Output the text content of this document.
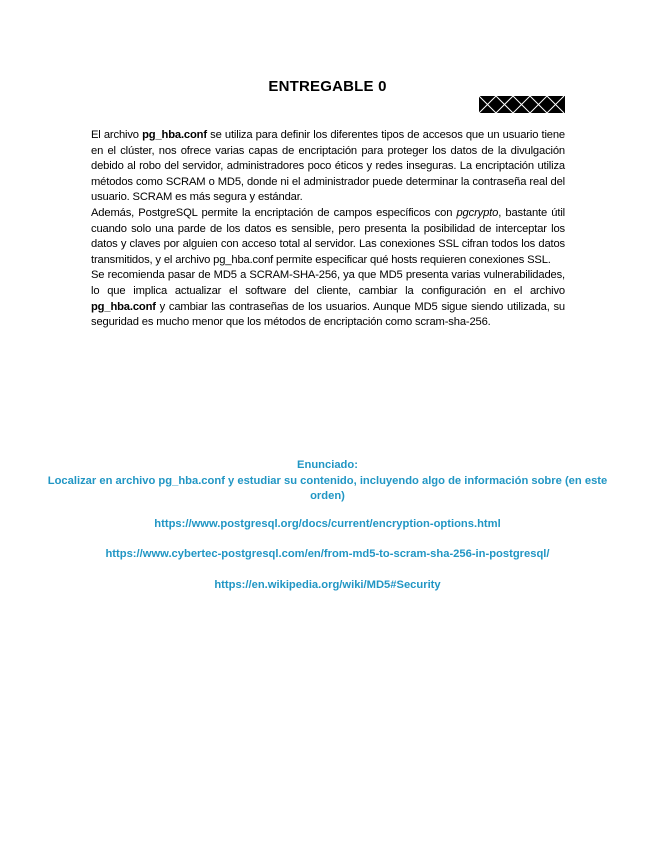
ENTREGABLE 0

El archivo pg_hba.conf se utiliza para definir los diferentes tipos de accesos que un usuario tiene en el clúster, nos ofrece varias capas de encriptación para proteger los datos de la divulgación debido al robo del servidor, administradores poco éticos y redes inseguras. La encriptación utiliza métodos como SCRAM o MD5, donde ni el administrador puede determinar la contraseña real del usuario. SCRAM es más segura y estándar.

Además, PostgreSQL permite la encriptación de campos específicos con pgcrypto, bastante útil cuando solo una parde de los datos es sensible, pero presenta la posibilidad de interceptar los datos y claves por alguien con acceso total al servidor. Las conexiones SSL cifran todos los datos transmitidos, y el archivo pg_hba.conf permite especificar qué hosts requieren conexiones SSL.

Se recomienda pasar de MD5 a SCRAM-SHA-256, ya que MD5 presenta varias vulnerabilidades, lo que implica actualizar el software del cliente, cambiar la configuración en el archivo pg_hba.conf y cambiar las contraseñas de los usuarios. Aunque MD5 sigue siendo utilizada, su seguridad es mucho menor que los métodos de encriptación como scram-sha-256.

Enunciado:

Localizar en archivo pg_hba.conf y estudiar su contenido, incluyendo algo de información sobre (en este orden)

https://www.postgresql.org/docs/current/encryption-options.html
https://www.cybertec-postgresql.com/en/from-md5-to-scram-sha-256-in-postgresql/
https://en.wikipedia.org/wiki/MD5#Security
